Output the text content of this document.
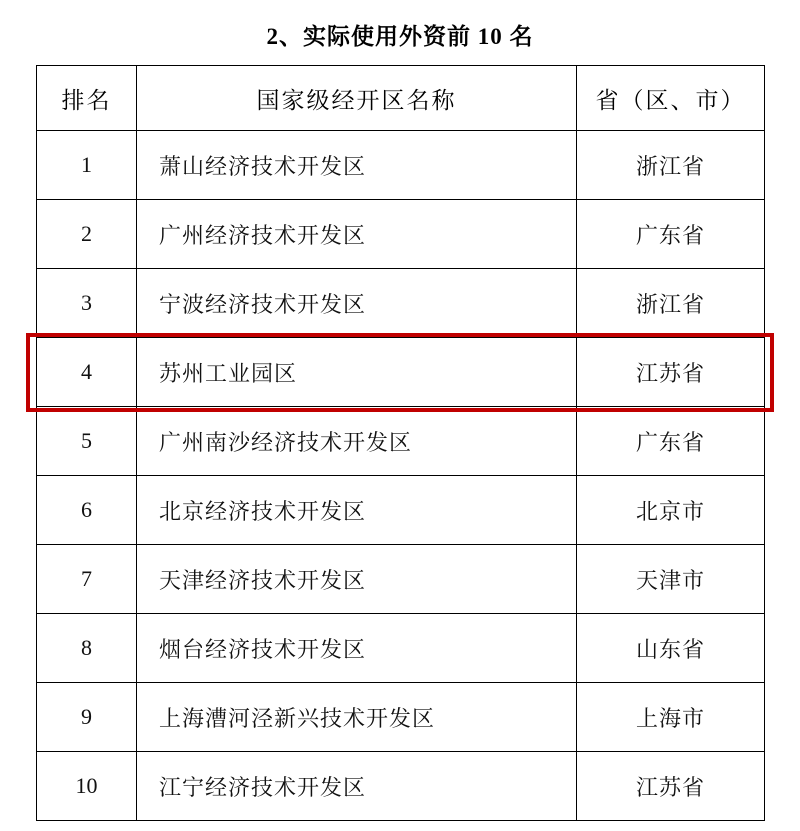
2、实际使用外资前 10 名
排名	国家级经开区名称	省（区、市）
1	萧山经济技术开发区	浙江省
2	广州经济技术开发区	广东省
3	宁波经济技术开发区	浙江省
4	苏州工业园区	江苏省
5	广州南沙经济技术开发区	广东省
6	北京经济技术开发区	北京市
7	天津经济技术开发区	天津市
8	烟台经济技术开发区	山东省
9	上海漕河泾新兴技术开发区	上海市
10	江宁经济技术开发区	江苏省
